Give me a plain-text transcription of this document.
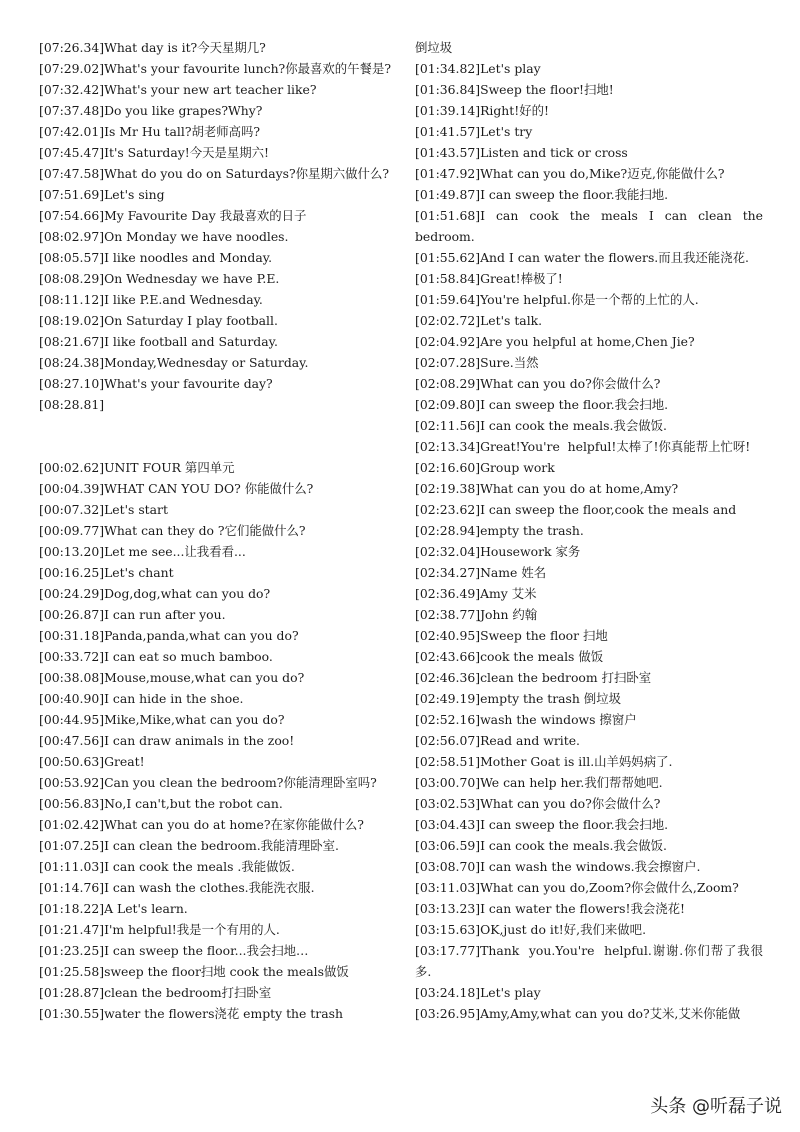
[07:26.34]What day is it?今天星期几?
[07:29.02]What's your favourite lunch?你最喜欢的午餐是?
[07:32.42]What's your new art teacher like?
[07:37.48]Do you like grapes?Why?
[07:42.01]Is Mr Hu tall?胡老师高吗?
[07:45.47]It's Saturday!今天是星期六!
[07:47.58]What do you do on Saturdays?你星期六做什么?
[07:51.69]Let's sing
[07:54.66]My Favourite Day 我最喜欢的日子
[08:02.97]On Monday we have noodles.
[08:05.57]I like noodles and Monday.
[08:08.29]On Wednesday we have P.E.
[08:11.12]I like P.E.and Wednesday.
[08:19.02]On Saturday I play football.
[08:21.67]I like football and Saturday.
[08:24.38]Monday,Wednesday or Saturday.
[08:27.10]What's your favourite day?
[08:28.81]
[00:02.62]UNIT FOUR 第四单元
[00:04.39]WHAT CAN YOU DO? 你能做什么?
[00:07.32]Let's start
[00:09.77]What can they do ?它们能做什么?
[00:13.20]Let me see...让我看看...
[00:16.25]Let's chant
[00:24.29]Dog,dog,what can you do?
[00:26.87]I can run after you.
[00:31.18]Panda,panda,what can you do?
[00:33.72]I can eat so much bamboo.
[00:38.08]Mouse,mouse,what can you do?
[00:40.90]I can hide in the shoe.
[00:44.95]Mike,Mike,what can you do?
[00:47.56]I can draw animals in the zoo!
[00:50.63]Great!
[00:53.92]Can you clean the bedroom?你能清理卧室吗?
[00:56.83]No,I can't,but the robot can.
[01:02.42]What can you do at home?在家你能做什么?
[01:07.25]I can clean the bedroom.我能清理卧室.
[01:11.03]I can cook the meals .我能做饭.
[01:14.76]I can wash the clothes.我能洗衣服.
[01:18.22]A Let's learn.
[01:21.47]I'm helpful!我是一个有用的人.
[01:23.25]I can sweep the floor...我会扫地…
[01:25.58]sweep the floor扫地 cook the meals做饭
[01:28.87]clean the bedroom打扫卧室
[01:30.55]water the flowers浇花 empty the trash
倒垃圾
[01:34.82]Let's play
[01:36.84]Sweep the floor!扫地!
[01:39.14]Right!好的!
[01:41.57]Let's try
[01:43.57]Listen and tick or cross
[01:47.92]What can you do,Mike?迈克,你能做什么?
[01:49.87]I can sweep the floor.我能扫地.
[01:51.68]I can cook the meals I can clean the bedroom.
[01:55.62]And I can water the flowers.而且我还能浇花.
[01:58.84]Great!棒极了!
[01:59.64]You're helpful.你是一个帮的上忙的人.
[02:02.72]Let's talk.
[02:04.92]Are you helpful at home,Chen Jie?
[02:07.28]Sure.当然
[02:08.29]What can you do?你会做什么?
[02:09.80]I can sweep the floor.我会扫地.
[02:11.56]I can cook the meals.我会做饭.
[02:13.34]Great!You're  helpful!太棒了!你真能帮上忙呀!
[02:16.60]Group work
[02:19.38]What can you do at home,Amy?
[02:23.62]I can sweep the floor,cook the meals and
[02:28.94]empty the trash.
[02:32.04]Housework 家务
[02:34.27]Name 姓名
[02:36.49]Amy 艾米
[02:38.77]John 约翰
[02:40.95]Sweep the floor 扫地
[02:43.66]cook the meals 做饭
[02:46.36]clean the bedroom 打扫卧室
[02:49.19]empty the trash 倒垃圾
[02:52.16]wash the windows 擦窗户
[02:56.07]Read and write.
[02:58.51]Mother Goat is ill.山羊妈妈病了.
[03:00.70]We can help her.我们帮帮她吧.
[03:02.53]What can you do?你会做什么?
[03:04.43]I can sweep the floor.我会扫地.
[03:06.59]I can cook the meals.我会做饭.
[03:08.70]I can wash the windows.我会擦窗户.
[03:11.03]What can you do,Zoom?你会做什么,Zoom?
[03:13.23]I can water the flowers!我会浇花!
[03:15.63]OK,just do it!好,我们来做吧.
[03:17.77]Thank  you.You're  helpful.谢谢.你们帮了我很多.
[03:24.18]Let's play
[03:26.95]Amy,Amy,what can you do?艾米,艾米你能做
头条 @听磊子说
